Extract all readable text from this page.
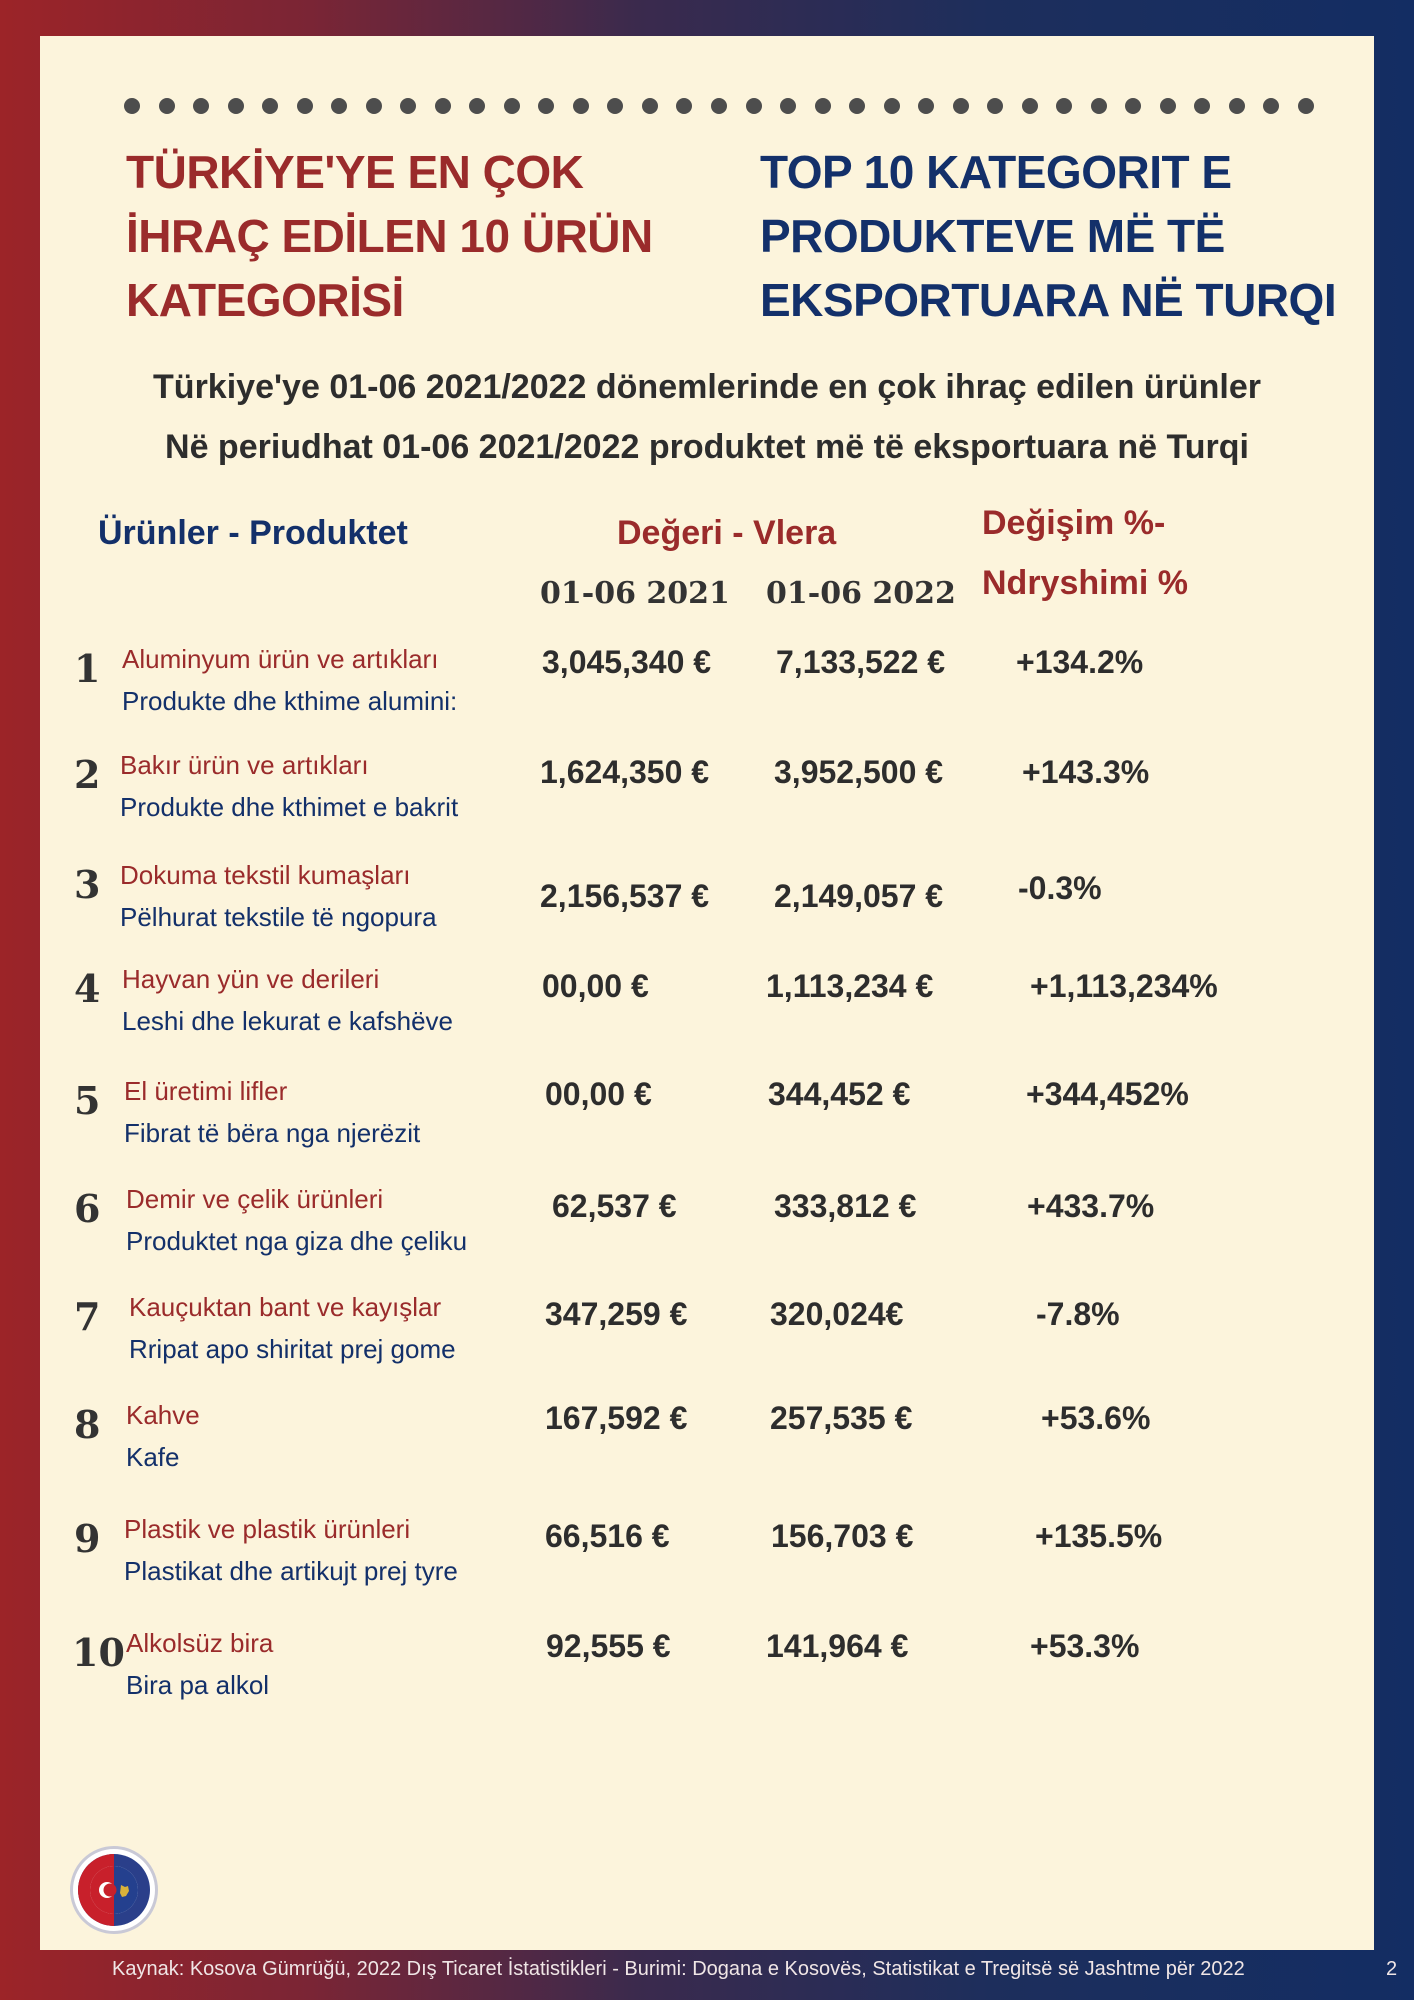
TÜRKİYE'YE EN ÇOK
İHRAÇ EDİLEN 10 ÜRÜN
KATEGORİSİ
TOP 10 KATEGORIT E
PRODUKTEVE MË TË
EKSPORTUARA NË TURQI
Türkiye'ye 01-06 2021/2022 dönemlerinde en çok ihraç edilen ürünler
Në periudhat 01-06 2021/2022 produktet më të eksportuara në Turqi
Ürünler - Produktet	Değeri - Vlera	Değişim %-
Ndryshimi %
01-06 2021 01-06 2022
1 Aluminyum ürün ve artıkları
Produkte dhe kthime alumini:
3,045,340 € 7,133,522 € +134.2%
2 Bakır ürün ve artıkları
Produkte dhe kthimet e bakrit
1,624,350 € 3,952,500 € +143.3%
3 Dokuma tekstil kumaşları
Pëlhurat tekstile të ngopura
2,156,537 € 2,149,057 € -0.3%
4 Hayvan yün ve derileri
Leshi dhe lekurat e kafshëve
00,00 €	1,113,234 €	+1,113,234%
5 El üretimi lifler
Fibrat të bëra nga njerëzit
00,00 €	344,452 €	+344,452%
6 Demir ve çelik ürünleri
Produktet nga giza dhe çeliku
62,537 €	333,812 €	+433.7%
7 Kauçuktan bant ve kayışlar
Rripat apo shiritat prej gome
347,259 €	320,024€	-7.8%
8 Kahve
Kafe
167,592 €	257,535 €	+53.6%
9 Plastik ve plastik ürünleri
Plastikat dhe artikujt prej tyre
66,516 €	156,703 €	+135.5%
10 Alkolsüz bira
Bira pa alkol
92,555 €	141,964 €	+53.3%
Kaynak: Kosova Gümrüğü, 2022 Dış Ticaret İstatistikleri - Burimi: Dogana e Kosovës, Statistikat e Tregitsë së Jashtme për 2022	2
